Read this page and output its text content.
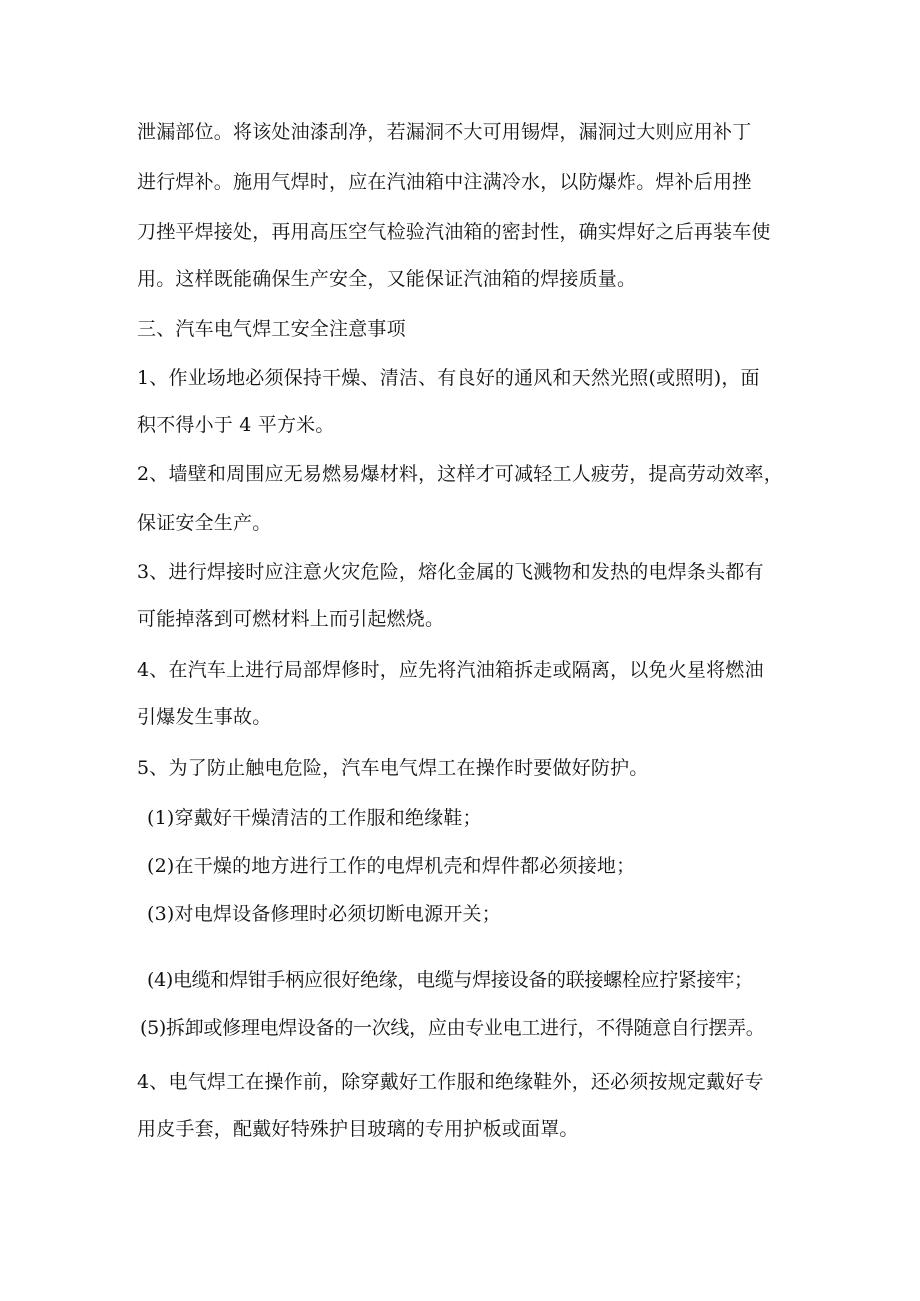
泄漏部位。将该处油漆刮净，若漏洞不大可用锡焊，漏洞过大则应用补丁
进行焊补。施用气焊时，应在汽油箱中注满冷水，以防爆炸。焊补后用挫
刀挫平焊接处，再用高压空气检验汽油箱的密封性，确实焊好之后再装车使
用。这样既能确保生产安全，又能保证汽油箱的焊接质量。
三、汽车电气焊工安全注意事项
1、作业场地必须保持干燥、清洁、有良好的通风和天然光照(或照明)，面
积不得小于 4 平方米。
2、墙壁和周围应无易燃易爆材料，这样才可减轻工人疲劳，提高劳动效率，
保证安全生产。
3、进行焊接时应注意火灾危险，熔化金属的飞溅物和发热的电焊条头都有
可能掉落到可燃材料上而引起燃烧。
4、在汽车上进行局部焊修时，应先将汽油箱拆走或隔离，以免火星将燃油
引爆发生事故。
5、为了防止触电危险，汽车电气焊工在操作时要做好防护。
(1)穿戴好干燥清洁的工作服和绝缘鞋；
(2)在干燥的地方进行工作的电焊机壳和焊件都必须接地；
(3)对电焊设备修理时必须切断电源开关；
(4)电缆和焊钳手柄应很好绝缘，电缆与焊接设备的联接螺栓应拧紧接牢；
(5)拆卸或修理电焊设备的一次线，应由专业电工进行，不得随意自行摆弄。
4、电气焊工在操作前，除穿戴好工作服和绝缘鞋外，还必须按规定戴好专
用皮手套，配戴好特殊护目玻璃的专用护板或面罩。
